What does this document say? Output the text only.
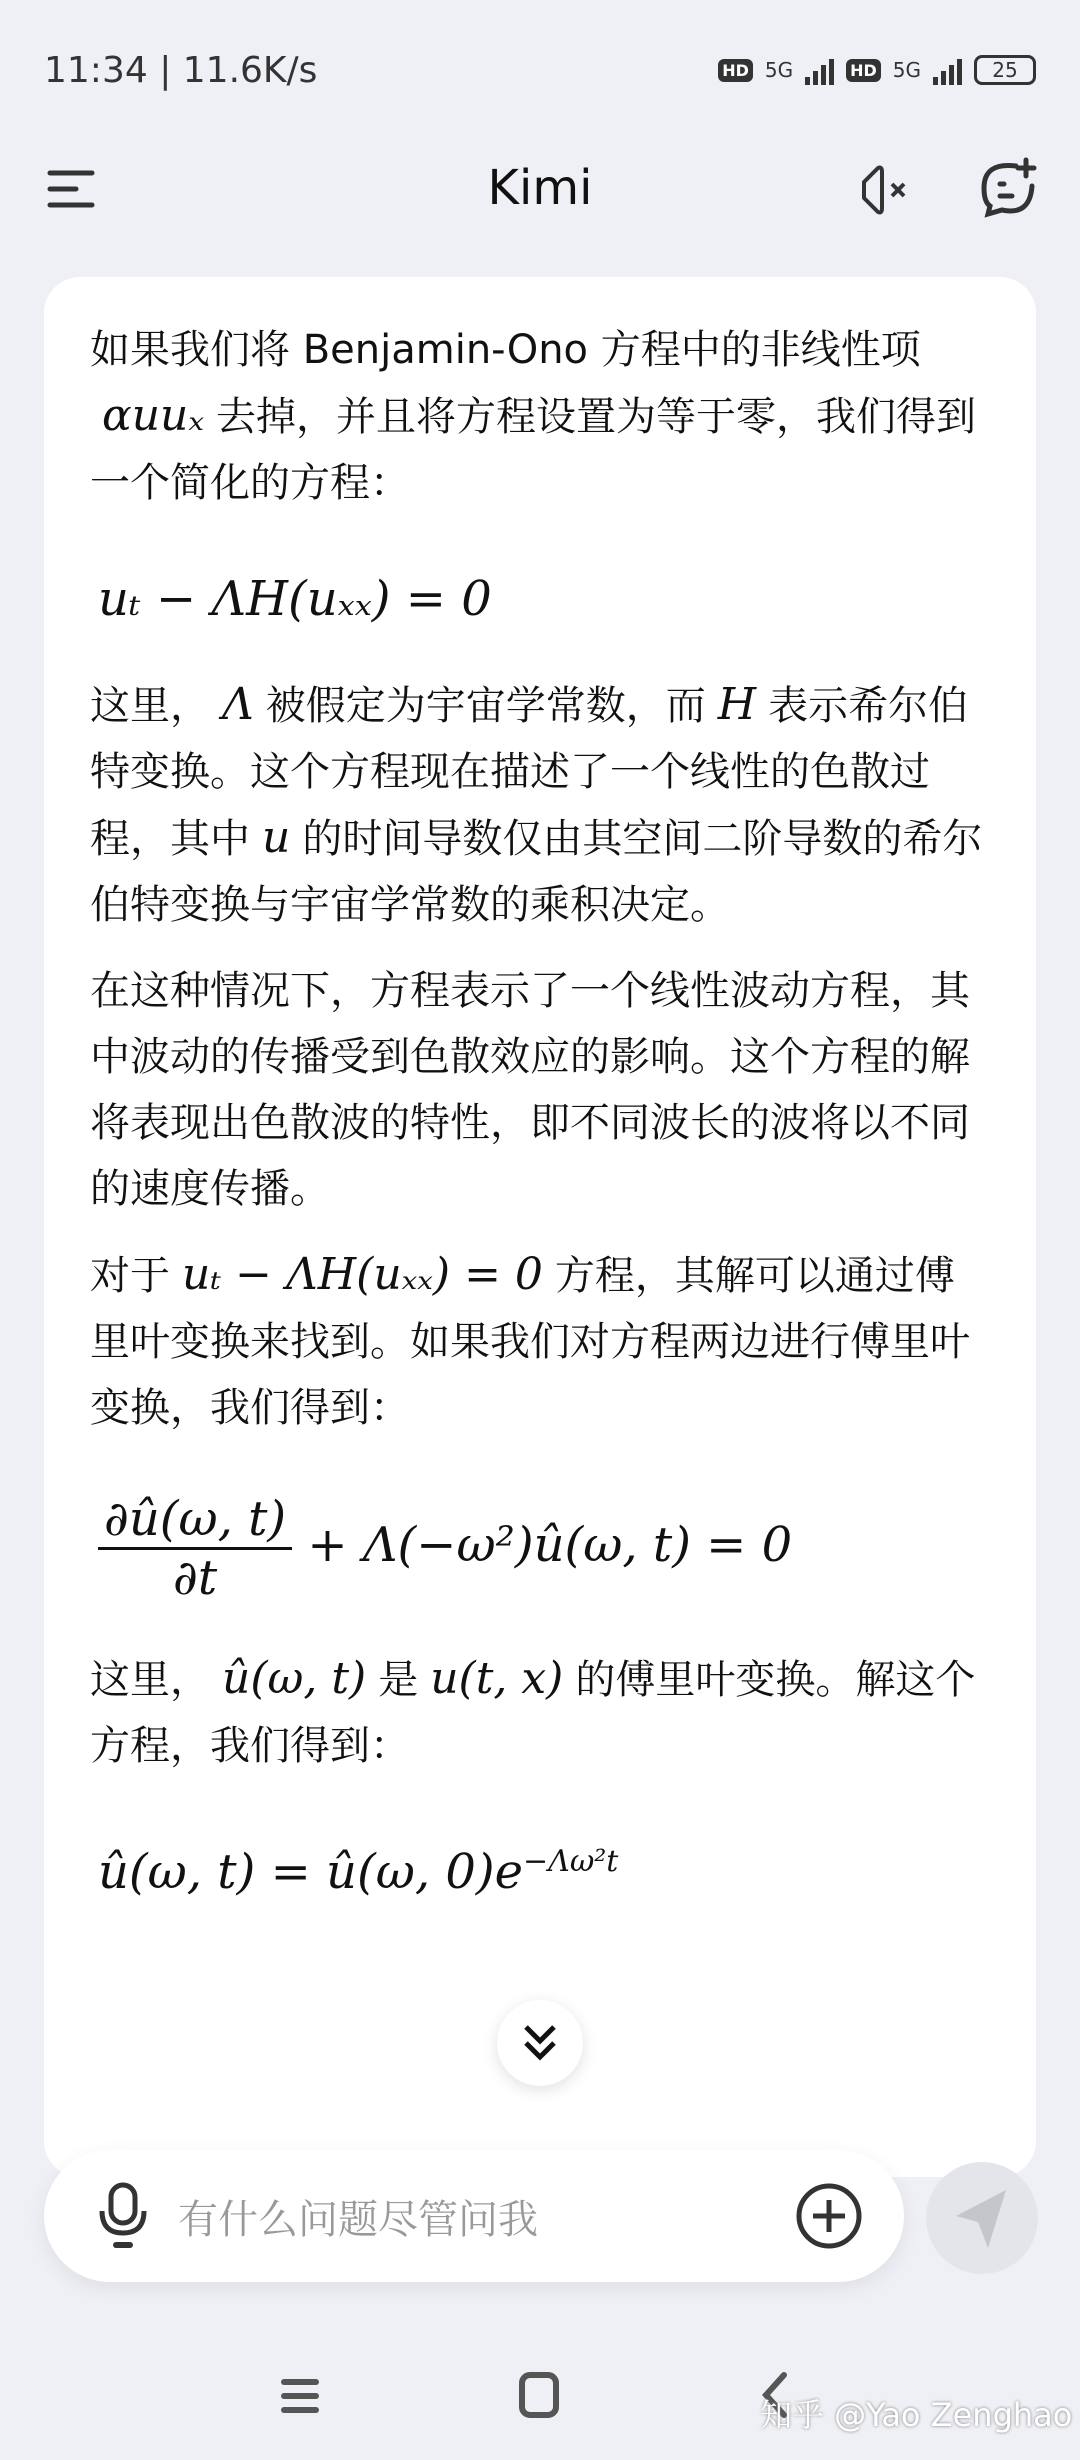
11:34 | 11.6K/s	HD 5G	HD 5G	25
Kimi

如果我们将 Benjamin-Ono 方程中的非线性项αuuₓ 去掉，并且将方程设置为等于零，我们得到一个简化的方程：

uₜ − ΛH(uₓₓ) = 0

这里， Λ 被假定为宇宙学常数，而 H 表示希尔伯特变换。这个方程现在描述了一个线性的色散过程，其中 u 的时间导数仅由其空间二阶导数的希尔伯特变换与宇宙学常数的乘积决定。

在这种情况下，方程表示了一个线性波动方程，其中波动的传播受到色散效应的影响。这个方程的解将表现出色散波的特性，即不同波长的波将以不同的速度传播。

对于 uₜ − ΛH(uₓₓ) = 0 方程，其解可以通过傅里叶变换来找到。如果我们对方程两边进行傅里叶变换，我们得到：

$\frac{\partial û(\omega, t)}{\partial t}$ + Λ(−ω²)û(ω, t) = 0

这里， û(ω, t) 是 u(t, x) 的傅里叶变换。解这个方程，我们得到：

û(ω, t) = û(ω, $0)e^{-\Lambda\omega^2t}$
有什么问题尽管问我
知乎 @Yao Zenghao
